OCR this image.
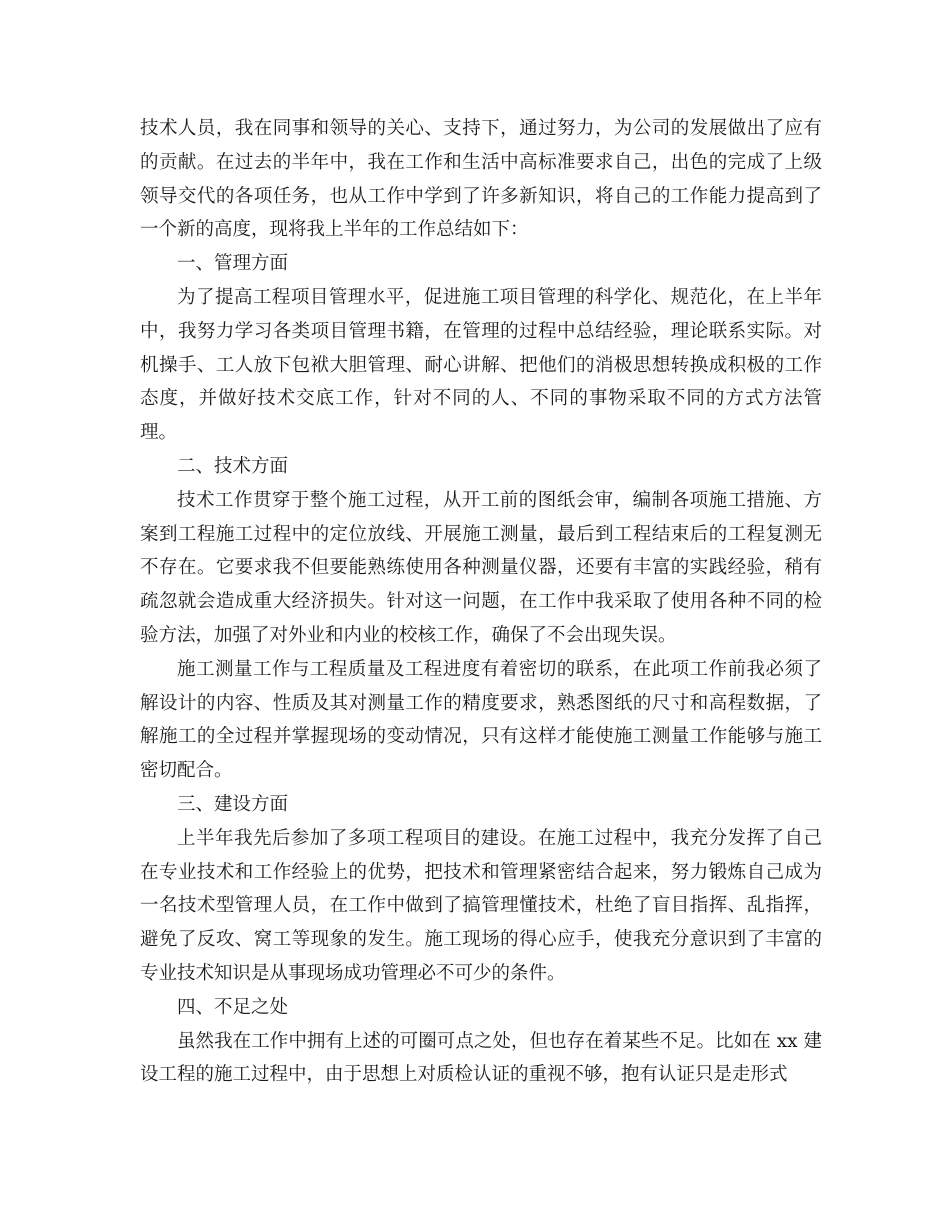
技术人员，我在同事和领导的关心、支持下，通过努力，为公司的发展做出了应有的贡献。在过去的半年中，我在工作和生活中高标准要求自己，出色的完成了上级领导交代的各项任务，也从工作中学到了许多新知识，将自己的工作能力提高到了一个新的高度，现将我上半年的工作总结如下：

一、管理方面

为了提高工程项目管理水平，促进施工项目管理的科学化、规范化，在上半年中，我努力学习各类项目管理书籍，在管理的过程中总结经验，理论联系实际。对机操手、工人放下包袱大胆管理、耐心讲解、把他们的消极思想转换成积极的工作态度，并做好技术交底工作，针对不同的人、不同的事物采取不同的方式方法管理。

二、技术方面

技术工作贯穿于整个施工过程，从开工前的图纸会审，编制各项施工措施、方案到工程施工过程中的定位放线、开展施工测量，最后到工程结束后的工程复测无不存在。它要求我不但要能熟练使用各种测量仪器，还要有丰富的实践经验，稍有疏忽就会造成重大经济损失。针对这一问题，在工作中我采取了使用各种不同的检验方法，加强了对外业和内业的校核工作，确保了不会出现失误。

施工测量工作与工程质量及工程进度有着密切的联系，在此项工作前我必须了解设计的内容、性质及其对测量工作的精度要求，熟悉图纸的尺寸和高程数据，了解施工的全过程并掌握现场的变动情况，只有这样才能使施工测量工作能够与施工密切配合。

三、建设方面

上半年我先后参加了多项工程项目的建设。在施工过程中，我充分发挥了自己在专业技术和工作经验上的优势，把技术和管理紧密结合起来，努力锻炼自己成为一名技术型管理人员，在工作中做到了搞管理懂技术，杜绝了盲目指挥、乱指挥，避免了反攻、窝工等现象的发生。施工现场的得心应手，使我充分意识到了丰富的专业技术知识是从事现场成功管理必不可少的条件。

四、不足之处

虽然我在工作中拥有上述的可圈可点之处，但也存在着某些不足。比如在 xx 建设工程的施工过程中，由于思想上对质检认证的重视不够，抱有认证只是走形式
